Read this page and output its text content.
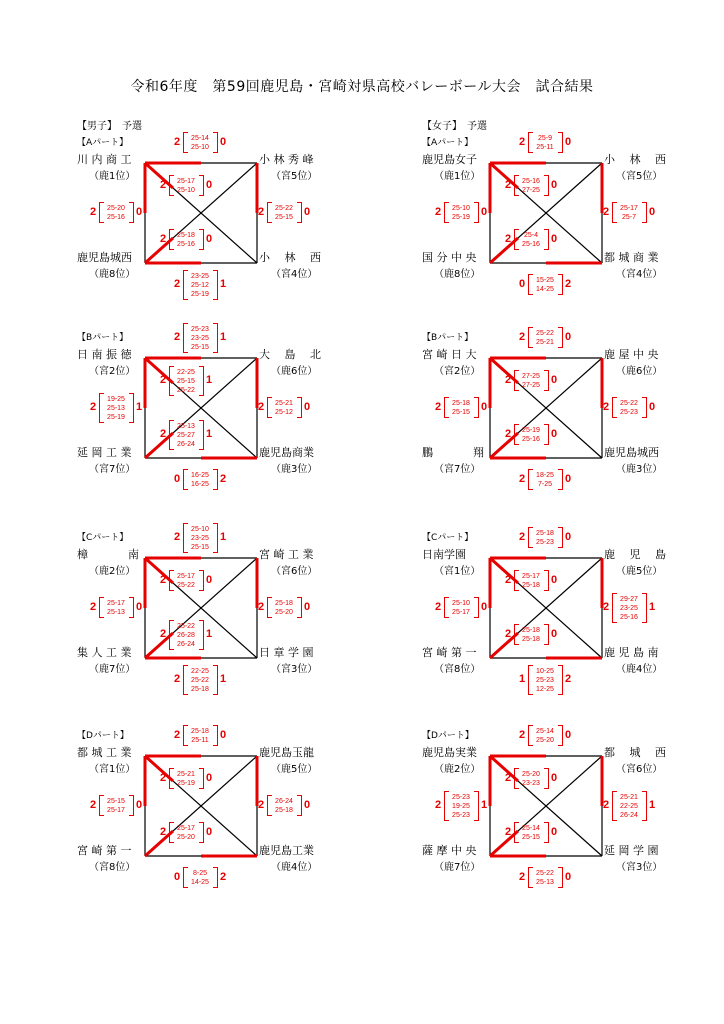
令和6年度　第59回鹿児島・宮崎対県高校バレーボール大会　試合結果
【男子】　予選	【女子】　予選
【Aパート】
川 内 商 工
（鹿1位）
小 林 秀 峰
（宮5位）
鹿児島城西
（鹿8位）
小 　林 　西
（宮4位）
2	25-14
25-10	0
2
23-25
25-12
25-19
1
2	25-20
25-16	0	2	25-22
25-15	0
2	25-17
25-10	0
2	25-18
25-16	0
【Aパート】
鹿児島女子
（鹿1位）
小 　林 　西
（宮5位）
国 分 中 央
（鹿8位）
都 城 商 業
（宮4位）
2	25-9
25-11	0
0	15-25
14-25	2
2	25-10
25-19	0	2	25-17
25-7	0
2	25-16
27-25	0
2	25-4
25-16	0
【Bパート】
日 南 振 徳
（宮2位）
大 　島 　北
（鹿6位）
延 岡 工 業
（宮7位）
鹿児島商業
（鹿3位）
2
25-23
23-25
25-15
1
0	16-25
16-25	2
2
19-25
25-13
25-19
1	2	25-21
25-12	0
2
22-25
25-15
25-22
1
2
25-13
25-27
26-24
1
【Bパート】
宮 崎 日 大
（宮2位）
鹿 屋 中 央
（鹿6位）
鵬 　　　 翔
（宮7位）
鹿児島城西
（鹿3位）
2	25-22
25-21	0
2	18-25
7-25	0
2	25-18
25-15	0	2	25-22
25-23	0
2	27-25
27-25	0
2	25-19
25-16	0
【Cパート】
樟 　　　 南
（鹿2位）
宮 崎 工 業
（宮6位）
集 人 工 業
（鹿7位）
日 章 学 園
（宮3位）
2
25-10
23-25
25-15
1
2
22-25
25-22
25-18
1
2	25-17
25-13	0	2	25-18
25-20	0
2	25-17
25-22	0
2
25-22
26-28
26-24
1
【Cパート】
日南学園
（宮1位）
鹿 　児 　島
（鹿5位）
宮 崎 第 一
（宮8位）
鹿 児 島 南
（鹿4位）
2	25-18
25-23	0
1
10-25
25-23
12-25
2
2	25-10
25-17	0	2
29-27
23-25
25-16
1
2	25-17
25-18	0
2	25-18
25-18	0
【Dパート】
都 城 工 業
（宮1位）
鹿児島玉龍
（鹿5位）
宮 崎 第 一
（宮8位）
鹿児島工業
（鹿4位）
2	25-18
25-11	0
0	8-25
14-25	2
2	25-15
25-17	0	2	26-24
25-18	0
2	25-21
25-19	0
2	25-17
25-20	0
【Dパート】
鹿児島実業
（鹿2位）
都 　城 　西
（宮6位）
薩 摩 中 央
（鹿7位）
延 岡 学 園
（宮3位）
2	25-14
25-20	0
2	25-22
25-13	0
2
25-23
19-25
25-23
1	2
25-21
22-25
26-24
1
2	25-20
23-23	0
2	25-14
25-15	0
